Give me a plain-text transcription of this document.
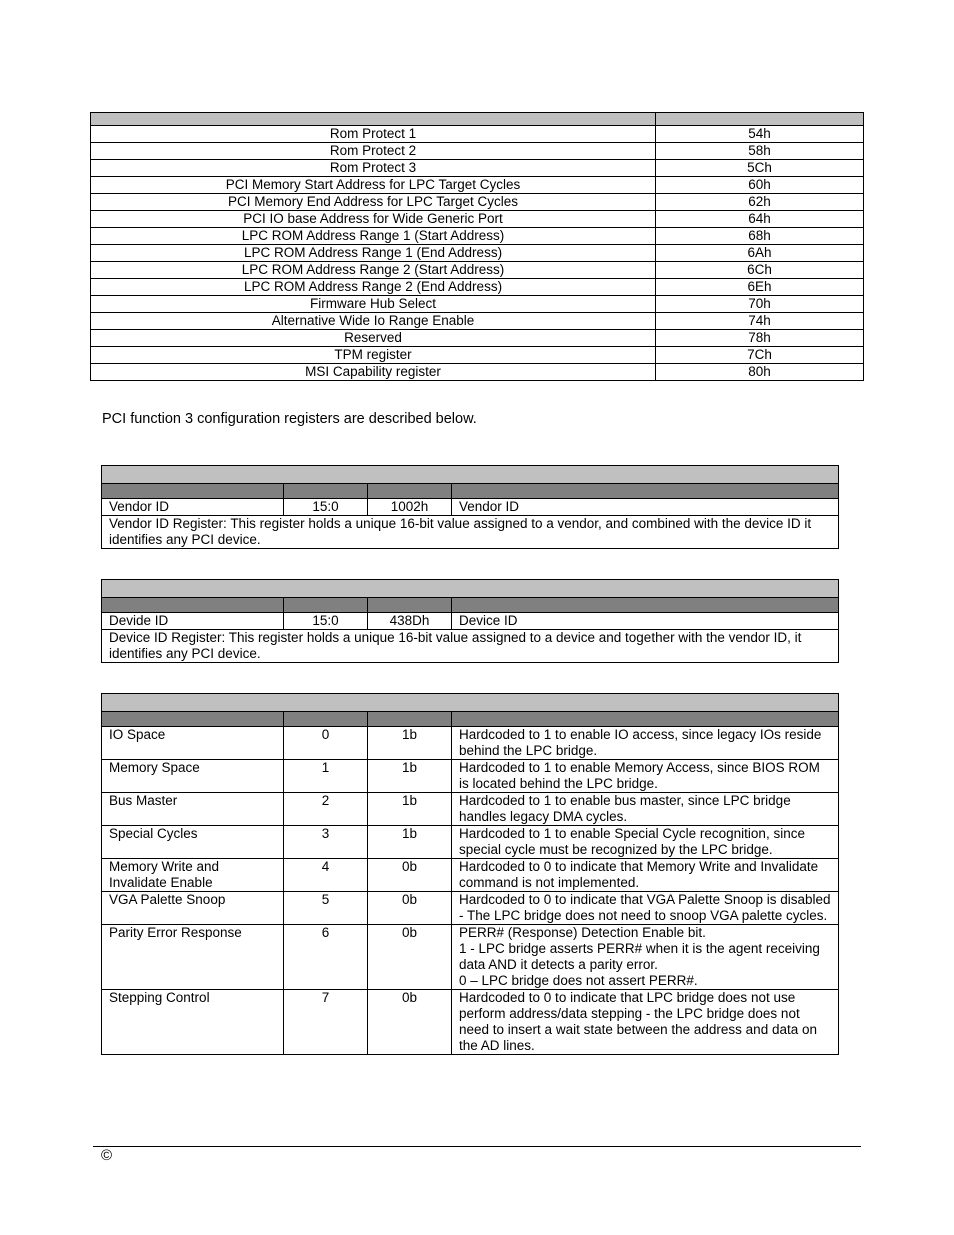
Rom Protect 1	54h
Rom Protect 2	58h
Rom Protect 3	5Ch
PCI Memory Start Address for LPC Target Cycles	60h
PCI Memory End Address for LPC Target Cycles	62h
PCI IO base Address for Wide Generic Port	64h
LPC ROM Address Range 1 (Start Address)	68h
LPC ROM Address Range 1 (End Address)	6Ah
LPC ROM Address Range 2 (Start Address)	6Ch
LPC ROM Address Range 2 (End Address)	6Eh
Firmware Hub Select	70h
Alternative Wide Io Range Enable	74h
Reserved	78h
TPM register	7Ch
MSI Capability register	80h

PCI function 3 configuration registers are described below.

Vendor ID	15:0	1002h	Vendor ID
Vendor ID Register: This register holds a unique 16-bit value assigned to a vendor, and combined with the device ID it identifies any PCI device.			

Devide ID	15:0	438Dh	Device ID
Device ID Register: This register holds a unique 16-bit value assigned to a device and together with the vendor ID, it identifies any PCI device.			

IO Space	0	1b	Hardcoded to 1 to enable IO access, since legacy IOs reside behind the LPC bridge.
Memory Space	1	1b	Hardcoded to 1 to enable Memory Access, since BIOS ROM is located behind the LPC bridge.
Bus Master	2	1b	Hardcoded to 1 to enable bus master, since LPC bridge handles legacy DMA cycles.
Special Cycles	3	1b	Hardcoded to 1 to enable Special Cycle recognition, since special cycle must be recognized by the LPC bridge.
Memory Write and Invalidate Enable	4	0b	Hardcoded to 0 to indicate that Memory Write and Invalidate command is not implemented.
VGA Palette Snoop	5	0b	Hardcoded to 0 to indicate that VGA Palette Snoop is disabled - The LPC bridge does not need to snoop VGA palette cycles.
Parity Error Response	6	0b	PERR# (Response) Detection Enable bit.
1 - LPC bridge asserts PERR# when it is the agent receiving data AND it detects a parity error.
0 – LPC bridge does not assert PERR#.

Stepping Control	7	0b	Hardcoded to 0 to indicate that LPC bridge does not use perform address/data stepping - the LPC bridge does not need to insert a wait state between the address and data on the AD lines.
©
